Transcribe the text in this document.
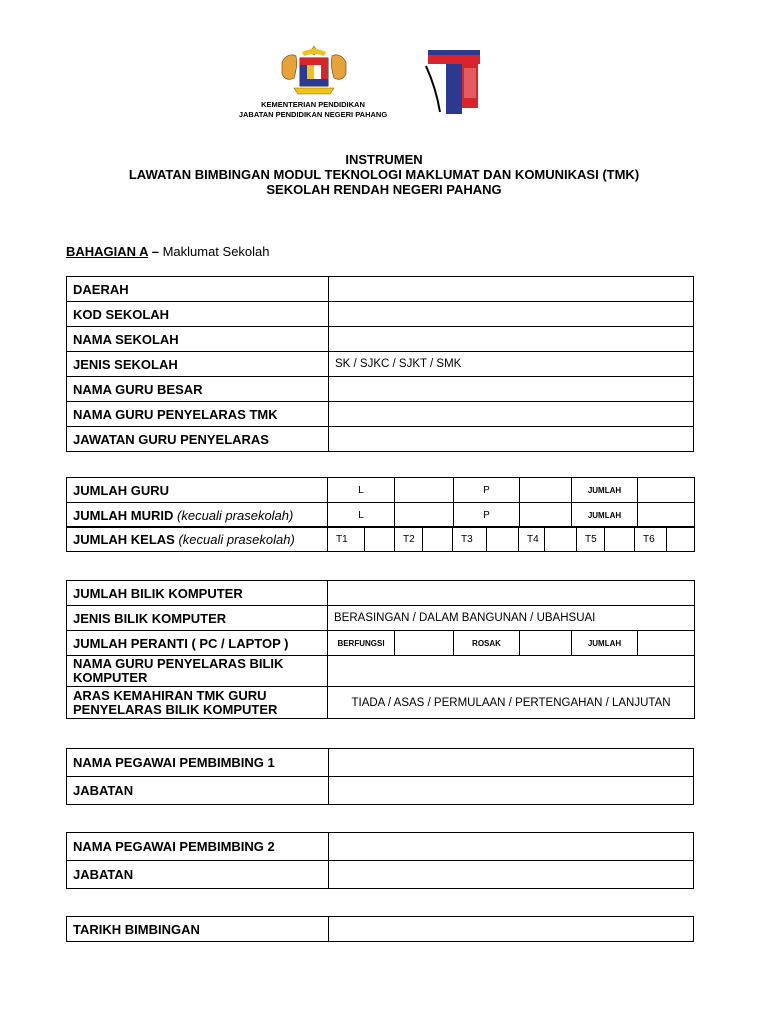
KEMENTERIAN PENDIDIKAN
JABATAN PENDIDIKAN NEGERI PAHANG
INSTRUMEN
LAWATAN BIMBINGAN MODUL TEKNOLOGI MAKLUMAT DAN KOMUNIKASI (TMK)
SEKOLAH RENDAH NEGERI PAHANG
BAHAGIAN A – Maklumat Sekolah
DAERAH	
KOD SEKOLAH	
NAMA SEKOLAH	
JENIS SEKOLAH	SK / SJKC / SJKT / SMK
NAMA GURU BESAR	
NAMA GURU PENYELARAS TMK	
JAWATAN GURU PENYELARAS	
JUMLAH GURU	L		P		JUMLAH	
JUMLAH MURID (kecuali prasekolah)	L		P		JUMLAH	
JUMLAH KELAS (kecuali prasekolah)	T1		T2		T3		T4		T5		T6	
JUMLAH BILIK KOMPUTER						
JENIS BILIK KOMPUTER	BERASINGAN / DALAM BANGUNAN / UBAHSUAI					
JUMLAH PERANTI ( PC / LAPTOP )	BERFUNGSI		ROSAK		JUMLAH	
NAMA GURU PENYELARAS BILIK KOMPUTER						
ARAS KEMAHIRAN TMK GURU PENYELARAS BILIK KOMPUTER	TIADA / ASAS / PERMULAAN / PERTENGAHAN / LANJUTAN					
NAMA PEGAWAI PEMBIMBING 1	
JABATAN	
NAMA PEGAWAI PEMBIMBING 2	
JABATAN	
TARIKH BIMBINGAN	
